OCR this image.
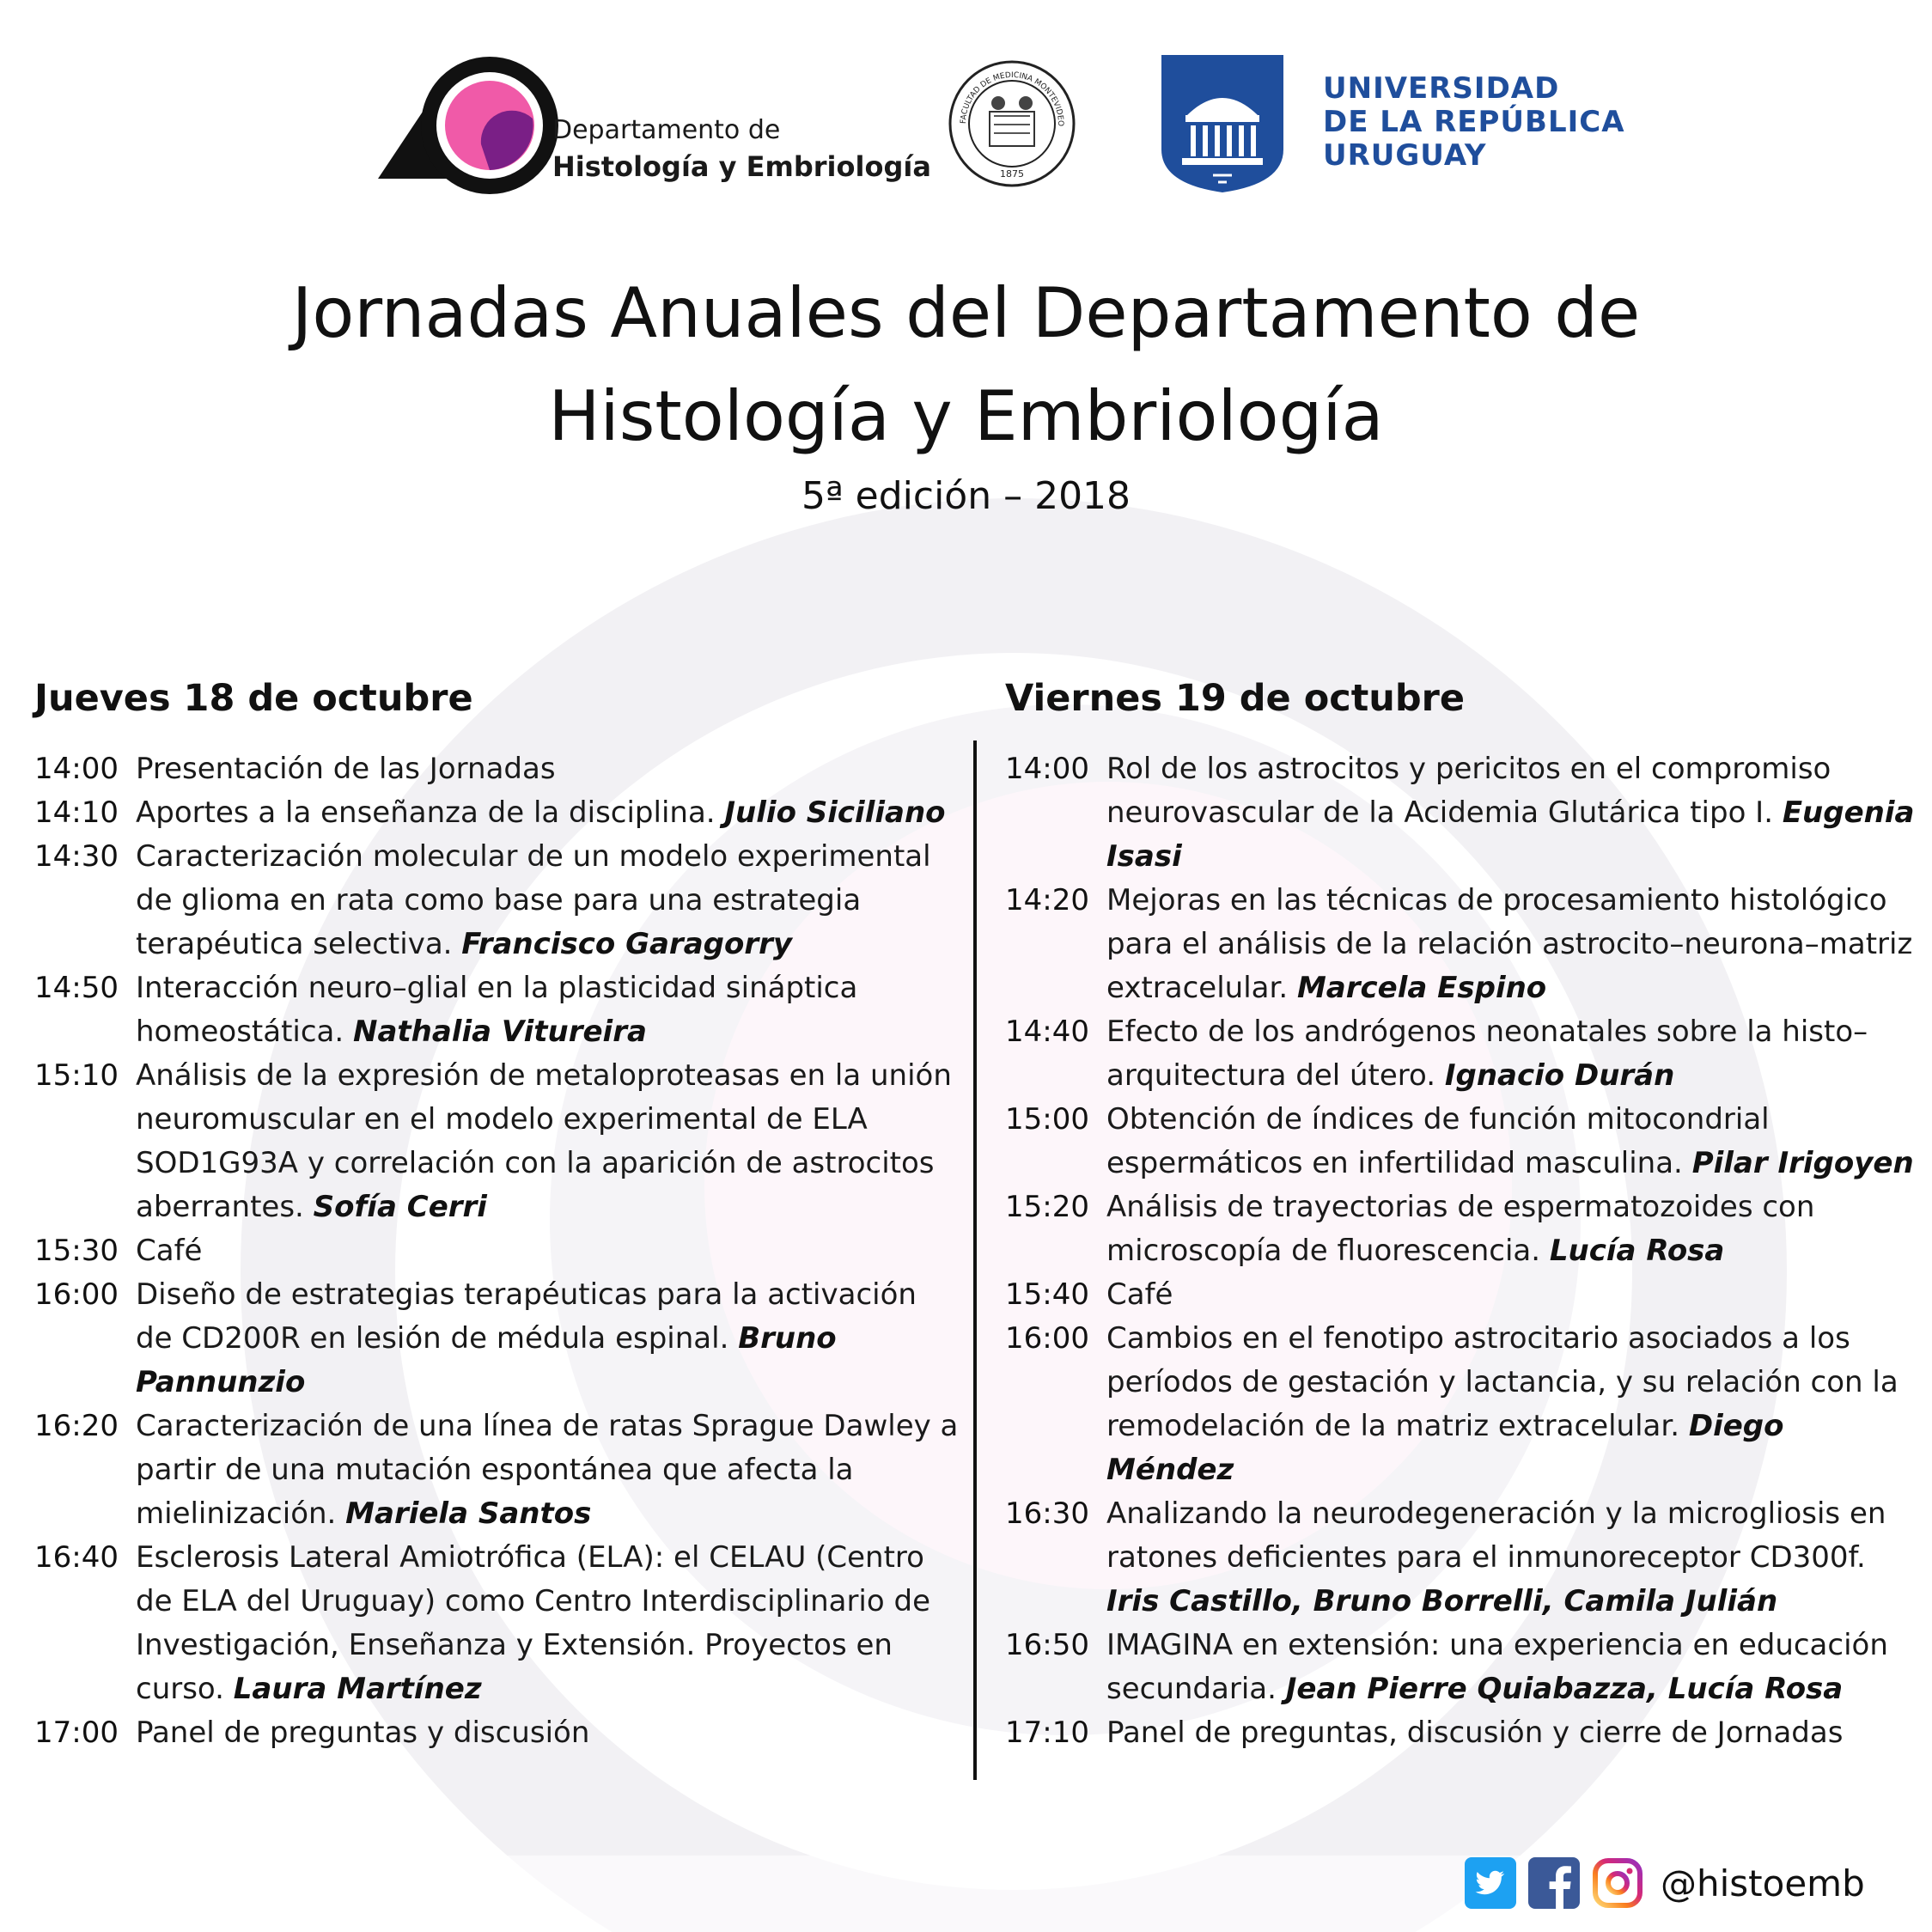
Departamento de
Histología y Embriología
FACULTAD DE MEDICINA MONTEVIDEO
1875
UNIVERSIDAD
DE LA REPÚBLICA
URUGUAY
Jornadas Anuales del Departamento de
Histología y Embriología
5ª edición – 2018
Jueves 18 de octubre
14:00 Presentación de las Jornadas
14:10 Aportes a la enseñanza de la disciplina. Julio Siciliano
14:30 Caracterización molecular de un modelo experimental de glioma en rata como base para una estrategia terapéutica selectiva. Francisco Garagorry
14:50 Interacción neuro–glial en la plasticidad sináptica homeostática. Nathalia Vitureira
15:10 Análisis de la expresión de metaloproteasas en la unión neuromuscular en el modelo experimental de ELA SOD1G93A y correlación con la aparición de astrocitos aberrantes. Sofía Cerri
15:30 Café
16:00 Diseño de estrategias terapéuticas para la activación de CD200R en lesión de médula espinal. Bruno Pannunzio
16:20 Caracterización de una línea de ratas Sprague Dawley a partir de una mutación espontánea que afecta la mielinización. Mariela Santos
16:40 Esclerosis Lateral Amiotrófica (ELA): el CELAU (Centro de ELA del Uruguay) como Centro Interdisciplinario de Investigación, Enseñanza y Extensión. Proyectos en curso. Laura Martínez
17:00 Panel de preguntas y discusión
Viernes 19 de octubre
14:00 Rol de los astrocitos y pericitos en el compromiso neurovascular de la Acidemia Glutárica tipo I. Eugenia Isasi
14:20 Mejoras en las técnicas de procesamiento histológico para el análisis de la relación astrocito–neurona–matriz extracelular. Marcela Espino
14:40 Efecto de los andrógenos neonatales sobre la histo–arquitectura del útero. Ignacio Durán
15:00 Obtención de índices de función mitocondrial espermáticos en infertilidad masculina. Pilar Irigoyen
15:20 Análisis de trayectorias de espermatozoides con microscopía de fluorescencia. Lucía Rosa
15:40 Café
16:00 Cambios en el fenotipo astrocitario asociados a los períodos de gestación y lactancia, y su relación con la remodelación de la matriz extracelular. Diego Méndez
16:30 Analizando la neurodegeneración y la microgliosis en ratones deficientes para el inmunoreceptor CD300f. Iris Castillo, Bruno Borrelli, Camila Julián
16:50 IMAGINA en extensión: una experiencia en educación secundaria. Jean Pierre Quiabazza, Lucía Rosa
17:10 Panel de preguntas, discusión y cierre de Jornadas
@histoemb
